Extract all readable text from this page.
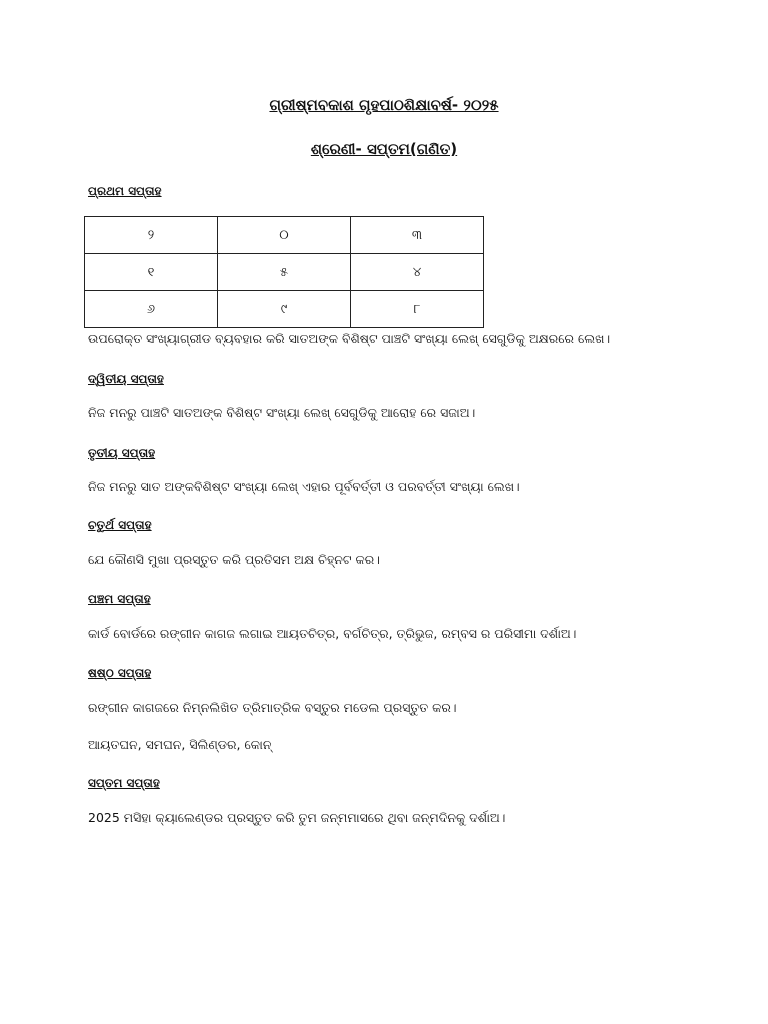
ଗ୍ରୀଷ୍ମବକାଶ ଗୃହପାଠଶିକ୍ଷାବର୍ଷ- ୨୦୨୫
ଶ୍ରେଣୀ- ସପ୍ତମ(ଗଣିତ)
ପ୍ରଥମ ସପ୍ତାହ
୨	୦	୩
୧	୫	୪
୬	୯	୮

ଉପରୋକ୍ତ ସଂଖ୍ୟାଗ୍ରୀଡ ବ୍ୟବହାର କରି ସାତଅଙ୍କ ବିଶିଷ୍ଟ ପାଞ୍ଚଟି ସଂଖ୍ୟା ଲେଖ୍ ସେଗୁଡିକୁ ଅକ୍ଷରରେ ଲେଖ।

ଦ୍ୱିତୀୟ ସପ୍ତାହ

ନିଜ ମନରୁ ପାଞ୍ଚଟି ସାତଅଙ୍କ ବିଶିଷ୍ଟ ସଂଖ୍ୟା ଲେଖ୍ ସେଗୁଡିକୁ ଆରୋହ ରେ ସଜାଅ।

ତୃତୀୟ ସପ୍ତାହ

ନିଜ ମନରୁ ସାତ ଅଙ୍କବିଶିଷ୍ଟ ସଂଖ୍ୟା ଲେଖ୍ ଏହାର ପୂର୍ବବର୍ତ୍ତୀ ଓ ପରବର୍ତ୍ତୀ ସଂଖ୍ୟା ଲେଖ।

ଚତୁର୍ଥ ସପ୍ତାହ

ଯେ କୌଣସି ମୁଖା ପ୍ରସ୍ତୁତ କରି ପ୍ରତିସମ ଅକ୍ଷ ଚିହ୍ନଟ କର।

ପଞ୍ଚମ ସପ୍ତାହ

କାର୍ଡ ବୋର୍ଡରେ ରଙ୍ଗୀନ କାଗଜ ଲଗାଇ ଆୟତଚିତ୍ର, ବର୍ଗଚିତ୍ର, ତ୍ରିଭୁଜ, ରମ୍ବସ ର ପରିସୀମା ଦର୍ଶାଅ।

ଷଷ୍ଠ ସପ୍ତାହ

ରଙ୍ଗୀନ କାଗଜରେ ନିମ୍ନଲିଖିତ ତ୍ରିମାତ୍ରିକ ବସ୍ତୁର ମଡେଲ ପ୍ରସ୍ତୁତ କର।

ଆୟତଘନ, ସମଘନ, ସିଲିଣ୍ଡର, କୋନ୍

ସପ୍ତମ ସପ୍ତାହ

2025 ମସିହା କ୍ୟାଲେଣ୍ଡର ପ୍ରସ୍ତୁତ କରି ତୁମ ଜନ୍ମମାସରେ ଥିବା ଜନ୍ମଦିନକୁ ଦର୍ଶାଅ।
